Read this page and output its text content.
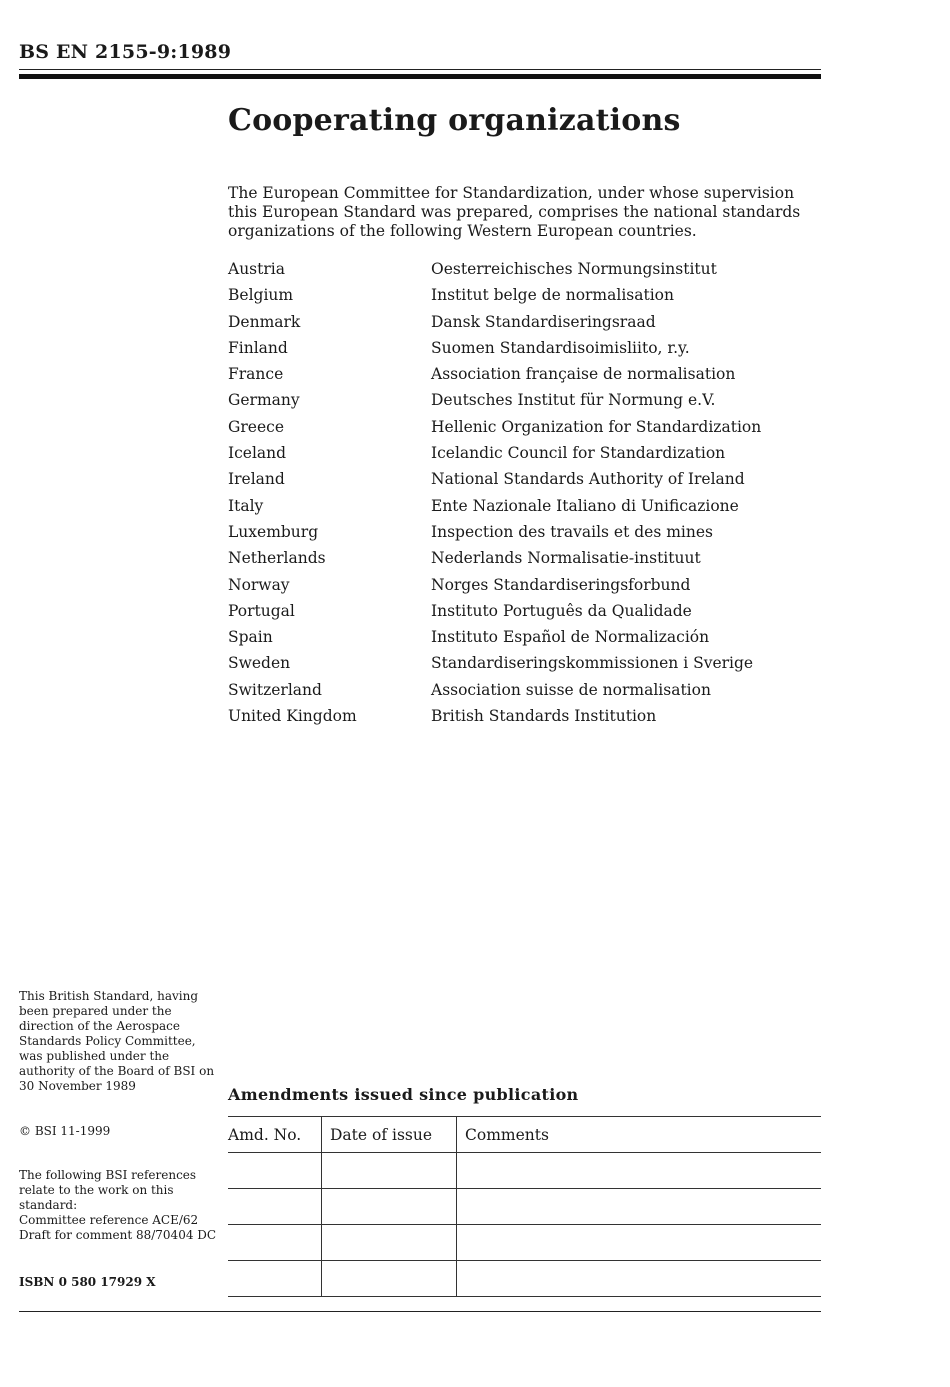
BS EN 2155-9:1989
Cooperating organizations

The European Committee for Standardization, under whose supervision this European Standard was prepared, comprises the national standards organizations of the following Western European countries.

Austria	Oesterreichisches Normungsinstitut
Belgium	Institut belge de normalisation
Denmark	Dansk Standardiseringsraad
Finland	Suomen Standardisoimisliito, r.y.
France	Association française de normalisation
Germany	Deutsches Institut für Normung e.V.
Greece	Hellenic Organization for Standardization
Iceland	Icelandic Council for Standardization
Ireland	National Standards Authority of Ireland
Italy	Ente Nazionale Italiano di Unificazione
Luxemburg	Inspection des travails et des mines
Netherlands	Nederlands Normalisatie-instituut
Norway	Norges Standardiseringsforbund
Portugal	Instituto Português da Qualidade
Spain	Instituto Español de Normalización
Sweden	Standardiseringskommissionen i Sverige
Switzerland	Association suisse de normalisation
United Kingdom	British Standards Institution

This British Standard, having been prepared under the direction of the Aerospace Standards Policy Committee, was published under the authority of the Board of BSI on 30 November 1989

© BSI 11-1999

The following BSI references relate to the work on this standard:
Committee reference ACE/62
Draft for comment 88/70404 DC

ISBN 0 580 17929 X

Amendments issued since publication
Amd. No.	Date of issue	Comments
